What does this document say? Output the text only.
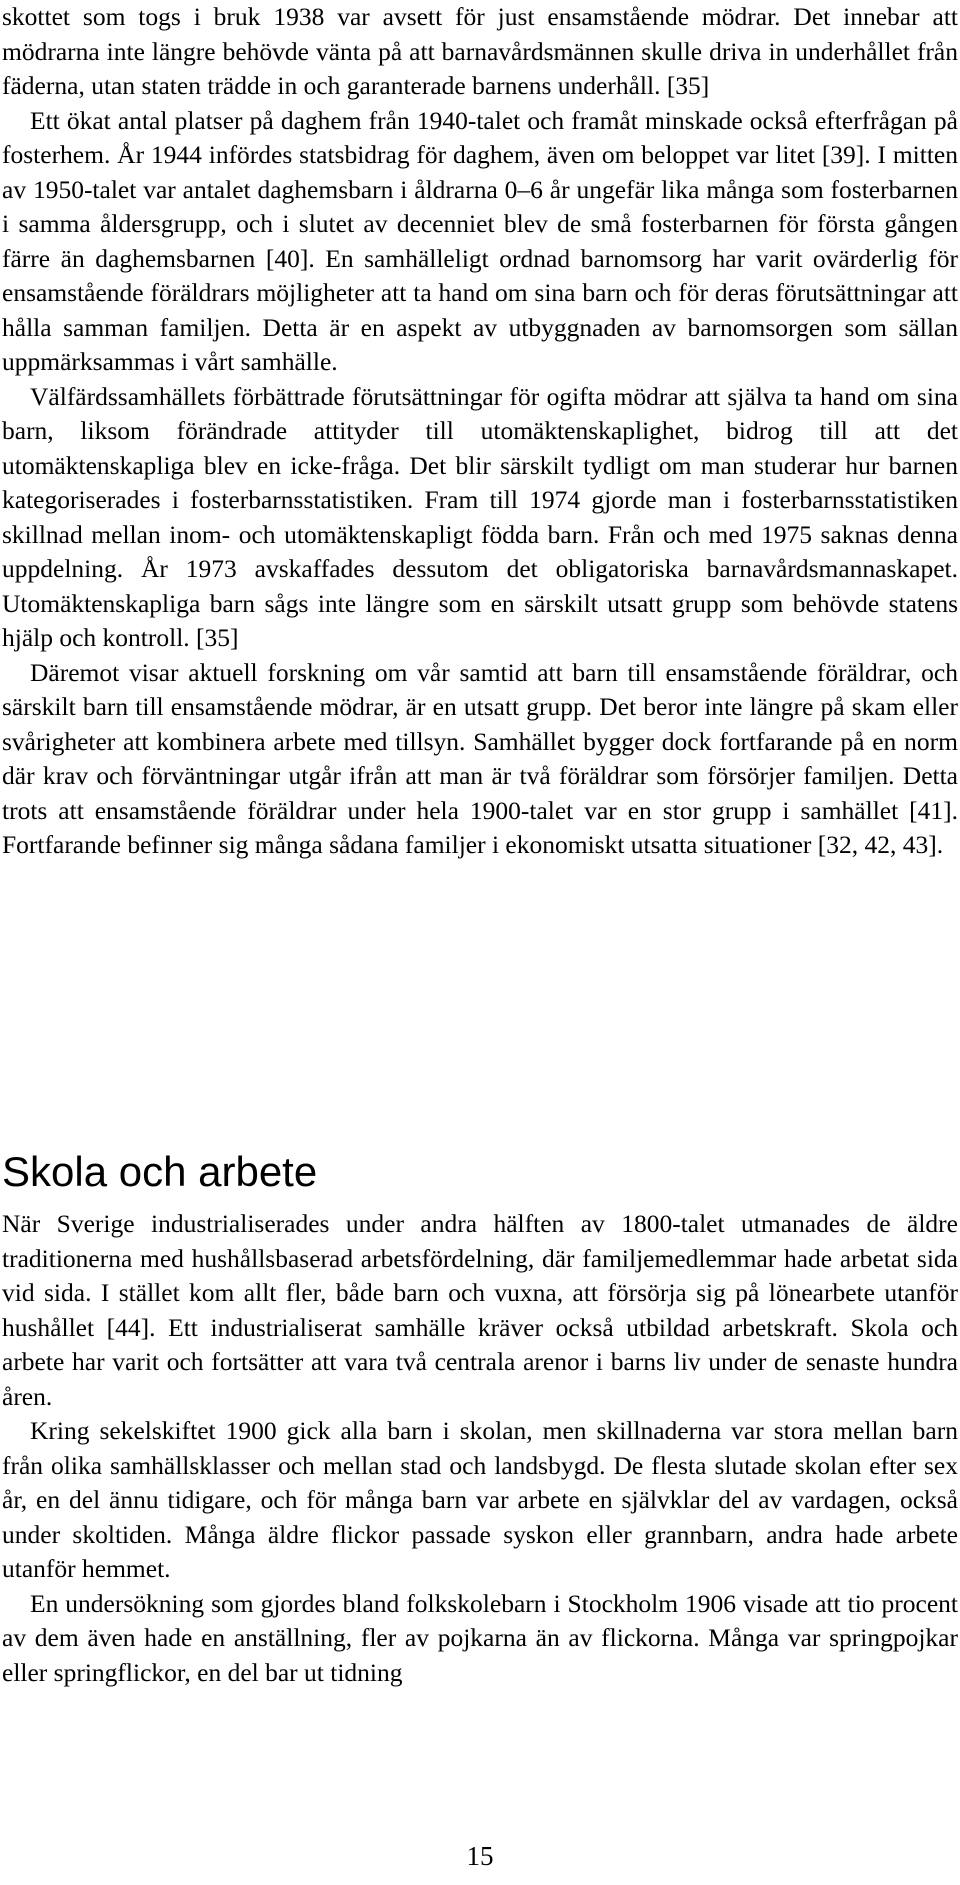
skottet som togs i bruk 1938 var avsett för just ensamstående mödrar. Det innebar att mödrarna inte längre behövde vänta på att barnavårdsmännen skulle driva in underhållet från fäderna, utan staten trädde in och garanterade barnens underhåll. [35]

Ett ökat antal platser på daghem från 1940-talet och framåt minskade också efterfrågan på fosterhem. År 1944 infördes statsbidrag för daghem, även om beloppet var litet [39]. I mitten av 1950-talet var antalet daghemsbarn i åldrarna 0–6 år ungefär lika många som fosterbarnen i samma åldersgrupp, och i slutet av decenniet blev de små fosterbarnen för första gången färre än daghemsbarnen [40]. En samhälleligt ordnad barnomsorg har varit ovärderlig för ensamstående föräldrars möjligheter att ta hand om sina barn och för deras förutsättningar att hålla samman familjen. Detta är en aspekt av utbyggnaden av barnomsorgen som sällan uppmärksammas i vårt samhälle.

Välfärdssamhällets förbättrade förutsättningar för ogifta mödrar att själva ta hand om sina barn, liksom förändrade attityder till utomäktenskaplighet, bidrog till att det utomäktenskapliga blev en icke-fråga. Det blir särskilt tydligt om man studerar hur barnen kategoriserades i fosterbarnsstatistiken. Fram till 1974 gjorde man i fosterbarnsstatistiken skillnad mellan inom- och utomäktenskapligt födda barn. Från och med 1975 saknas denna uppdelning. År 1973 avskaffades dessutom det obligatoriska barnavårdsmannaskapet. Utomäktenskapliga barn sågs inte längre som en särskilt utsatt grupp som behövde statens hjälp och kontroll. [35]

Däremot visar aktuell forskning om vår samtid att barn till ensamstående föräldrar, och särskilt barn till ensamstående mödrar, är en utsatt grupp. Det beror inte längre på skam eller svårigheter att kombinera arbete med tillsyn. Samhället bygger dock fortfarande på en norm där krav och förväntningar utgår ifrån att man är två föräldrar som försörjer familjen. Detta trots att ensamstående föräldrar under hela 1900-talet var en stor grupp i samhället [41]. Fortfarande befinner sig många sådana familjer i ekonomiskt utsatta situationer [32, 42, 43].

Skola och arbete

När Sverige industrialiserades under andra hälften av 1800-talet utmanades de äldre traditionerna med hushållsbaserad arbetsfördelning, där familjemedlemmar hade arbetat sida vid sida. I stället kom allt fler, både barn och vuxna, att försörja sig på lönearbete utanför hushållet [44]. Ett industrialiserat samhälle kräver också utbildad arbetskraft. Skola och arbete har varit och fortsätter att vara två centrala arenor i barns liv under de senaste hundra åren.

Kring sekelskiftet 1900 gick alla barn i skolan, men skillnaderna var stora mellan barn från olika samhällsklasser och mellan stad och landsbygd. De flesta slutade skolan efter sex år, en del ännu tidigare, och för många barn var arbete en självklar del av vardagen, också under skoltiden. Många äldre flickor passade syskon eller grannbarn, andra hade arbete utanför hemmet.

En undersökning som gjordes bland folkskolebarn i Stockholm 1906 visade att tio procent av dem även hade en anställning, fler av pojkarna än av flickorna. Många var springpojkar eller springflickor, en del bar ut tidning

15
